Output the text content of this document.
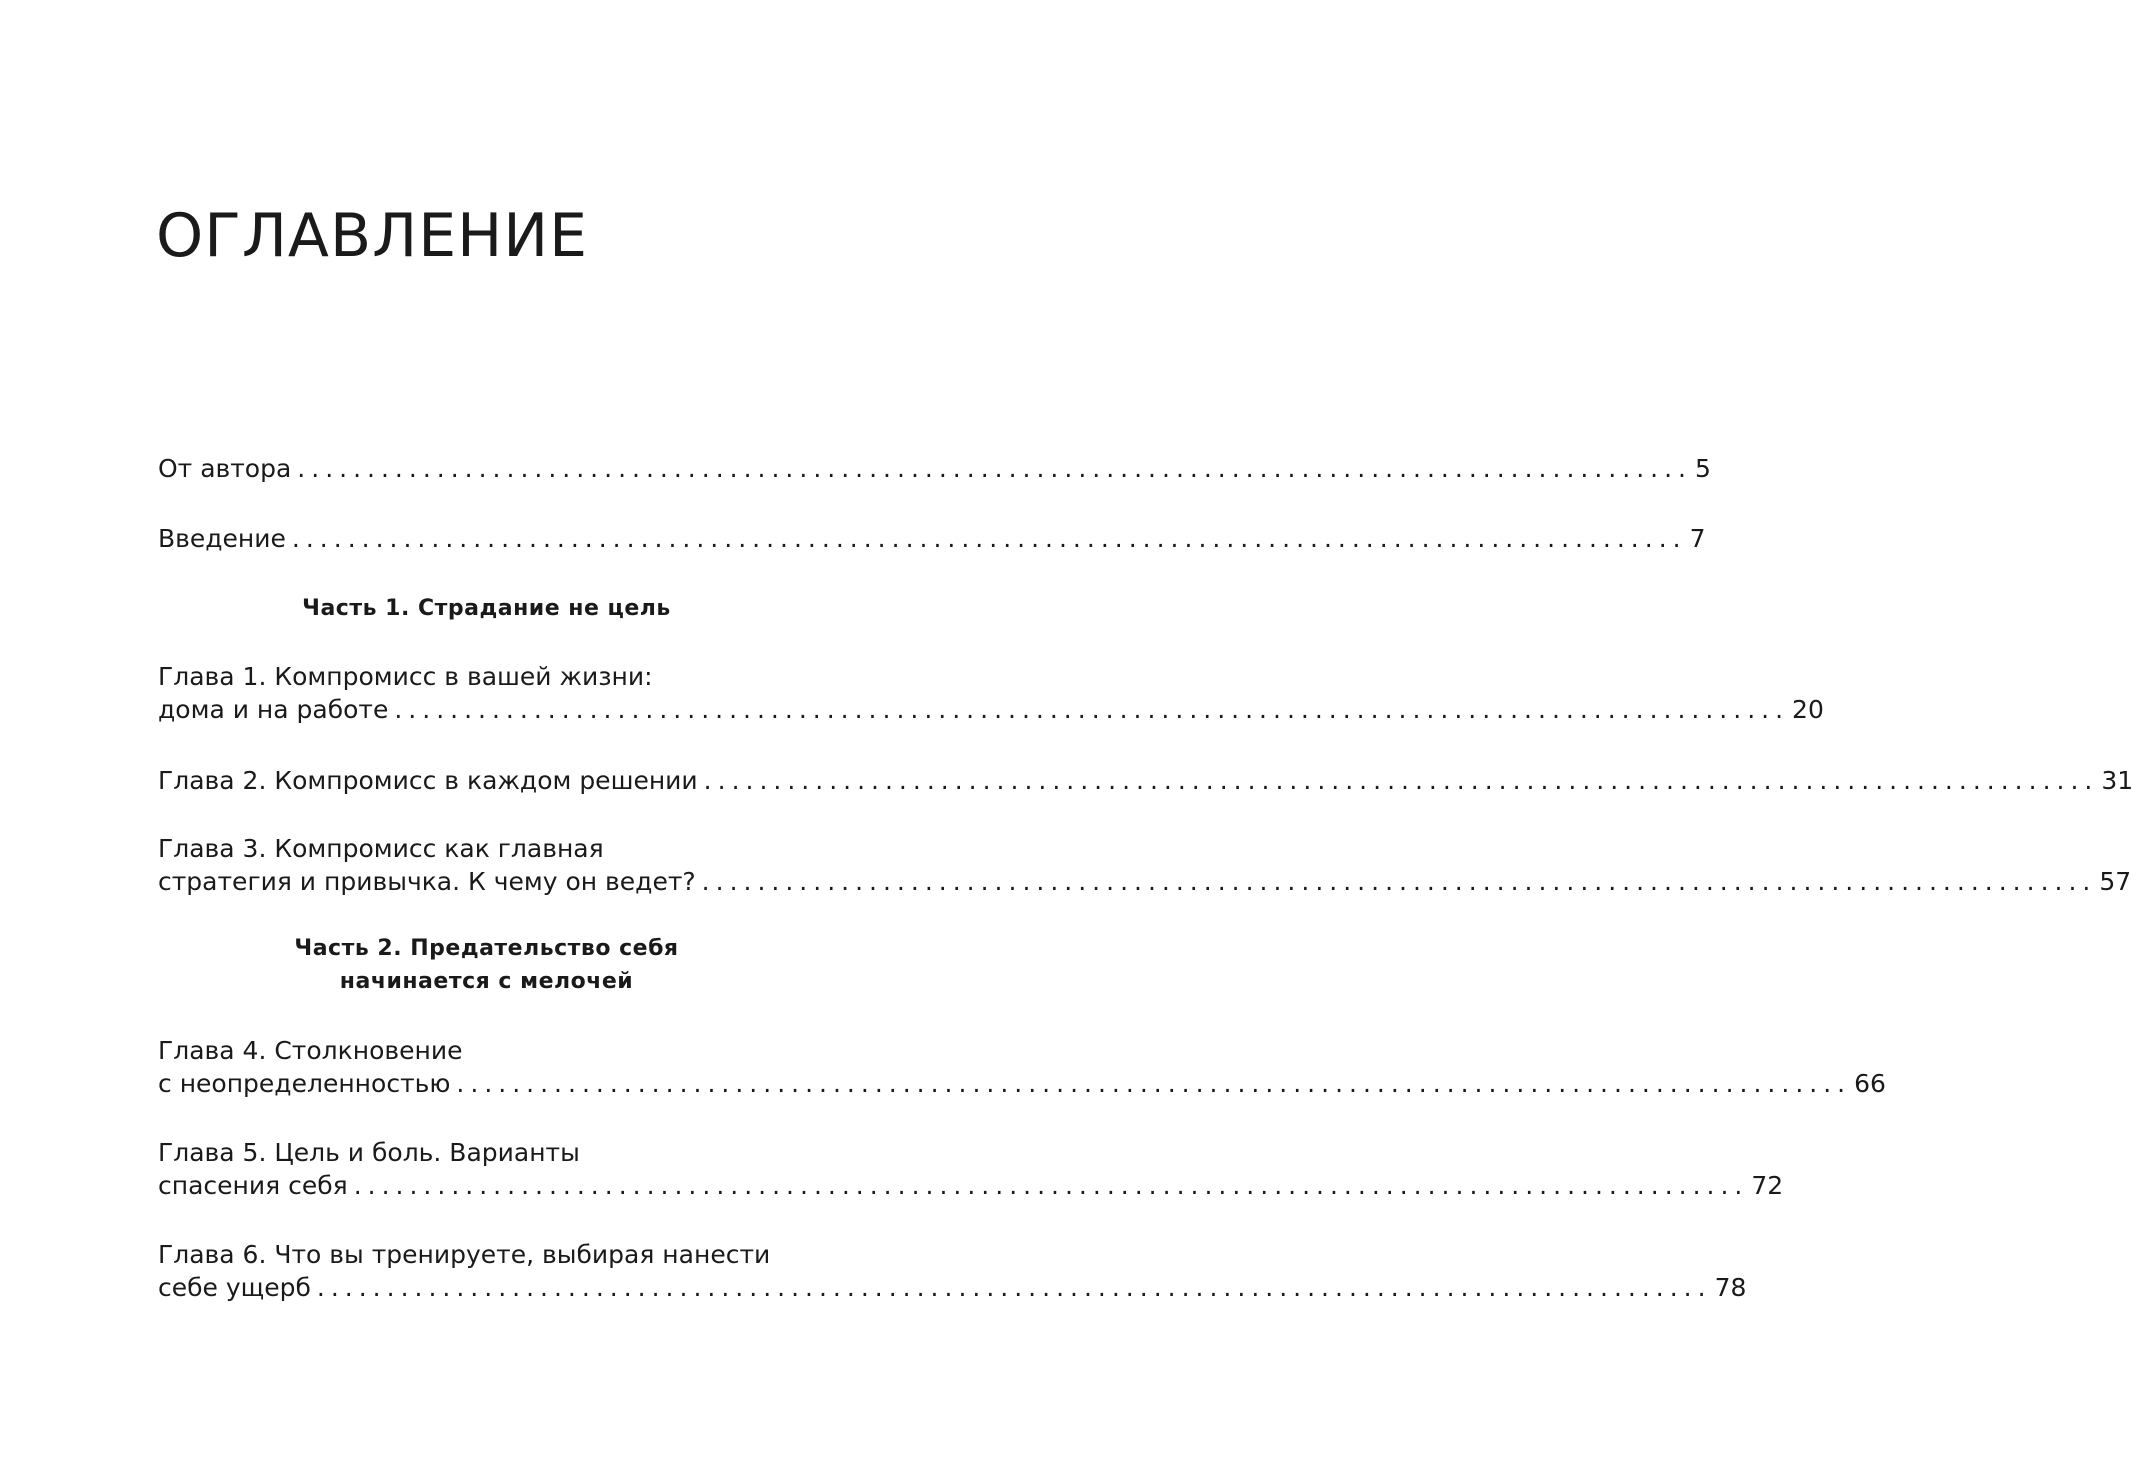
ОГЛАВЛЕНИЕ
От автора .................................................................................................... 5
Введение .................................................................................................... 7
Часть 1. Страдание не цель
Глава 1. Компромисс в вашей жизни:
дома и на работе .................................................................................................... 20
Глава 2. Компромисс в каждом решении .................................................................................................... 31
Глава 3. Компромисс как главная
стратегия и привычка. К чему он ведет? .................................................................................................... 57
Часть 2. Предательство себя
начинается с мелочей
Глава 4. Столкновение
с неопределенностью .................................................................................................... 66
Глава 5. Цель и боль. Варианты
спасения себя .................................................................................................... 72
Глава 6. Что вы тренируете, выбирая нанести
себе ущерб .................................................................................................... 78
